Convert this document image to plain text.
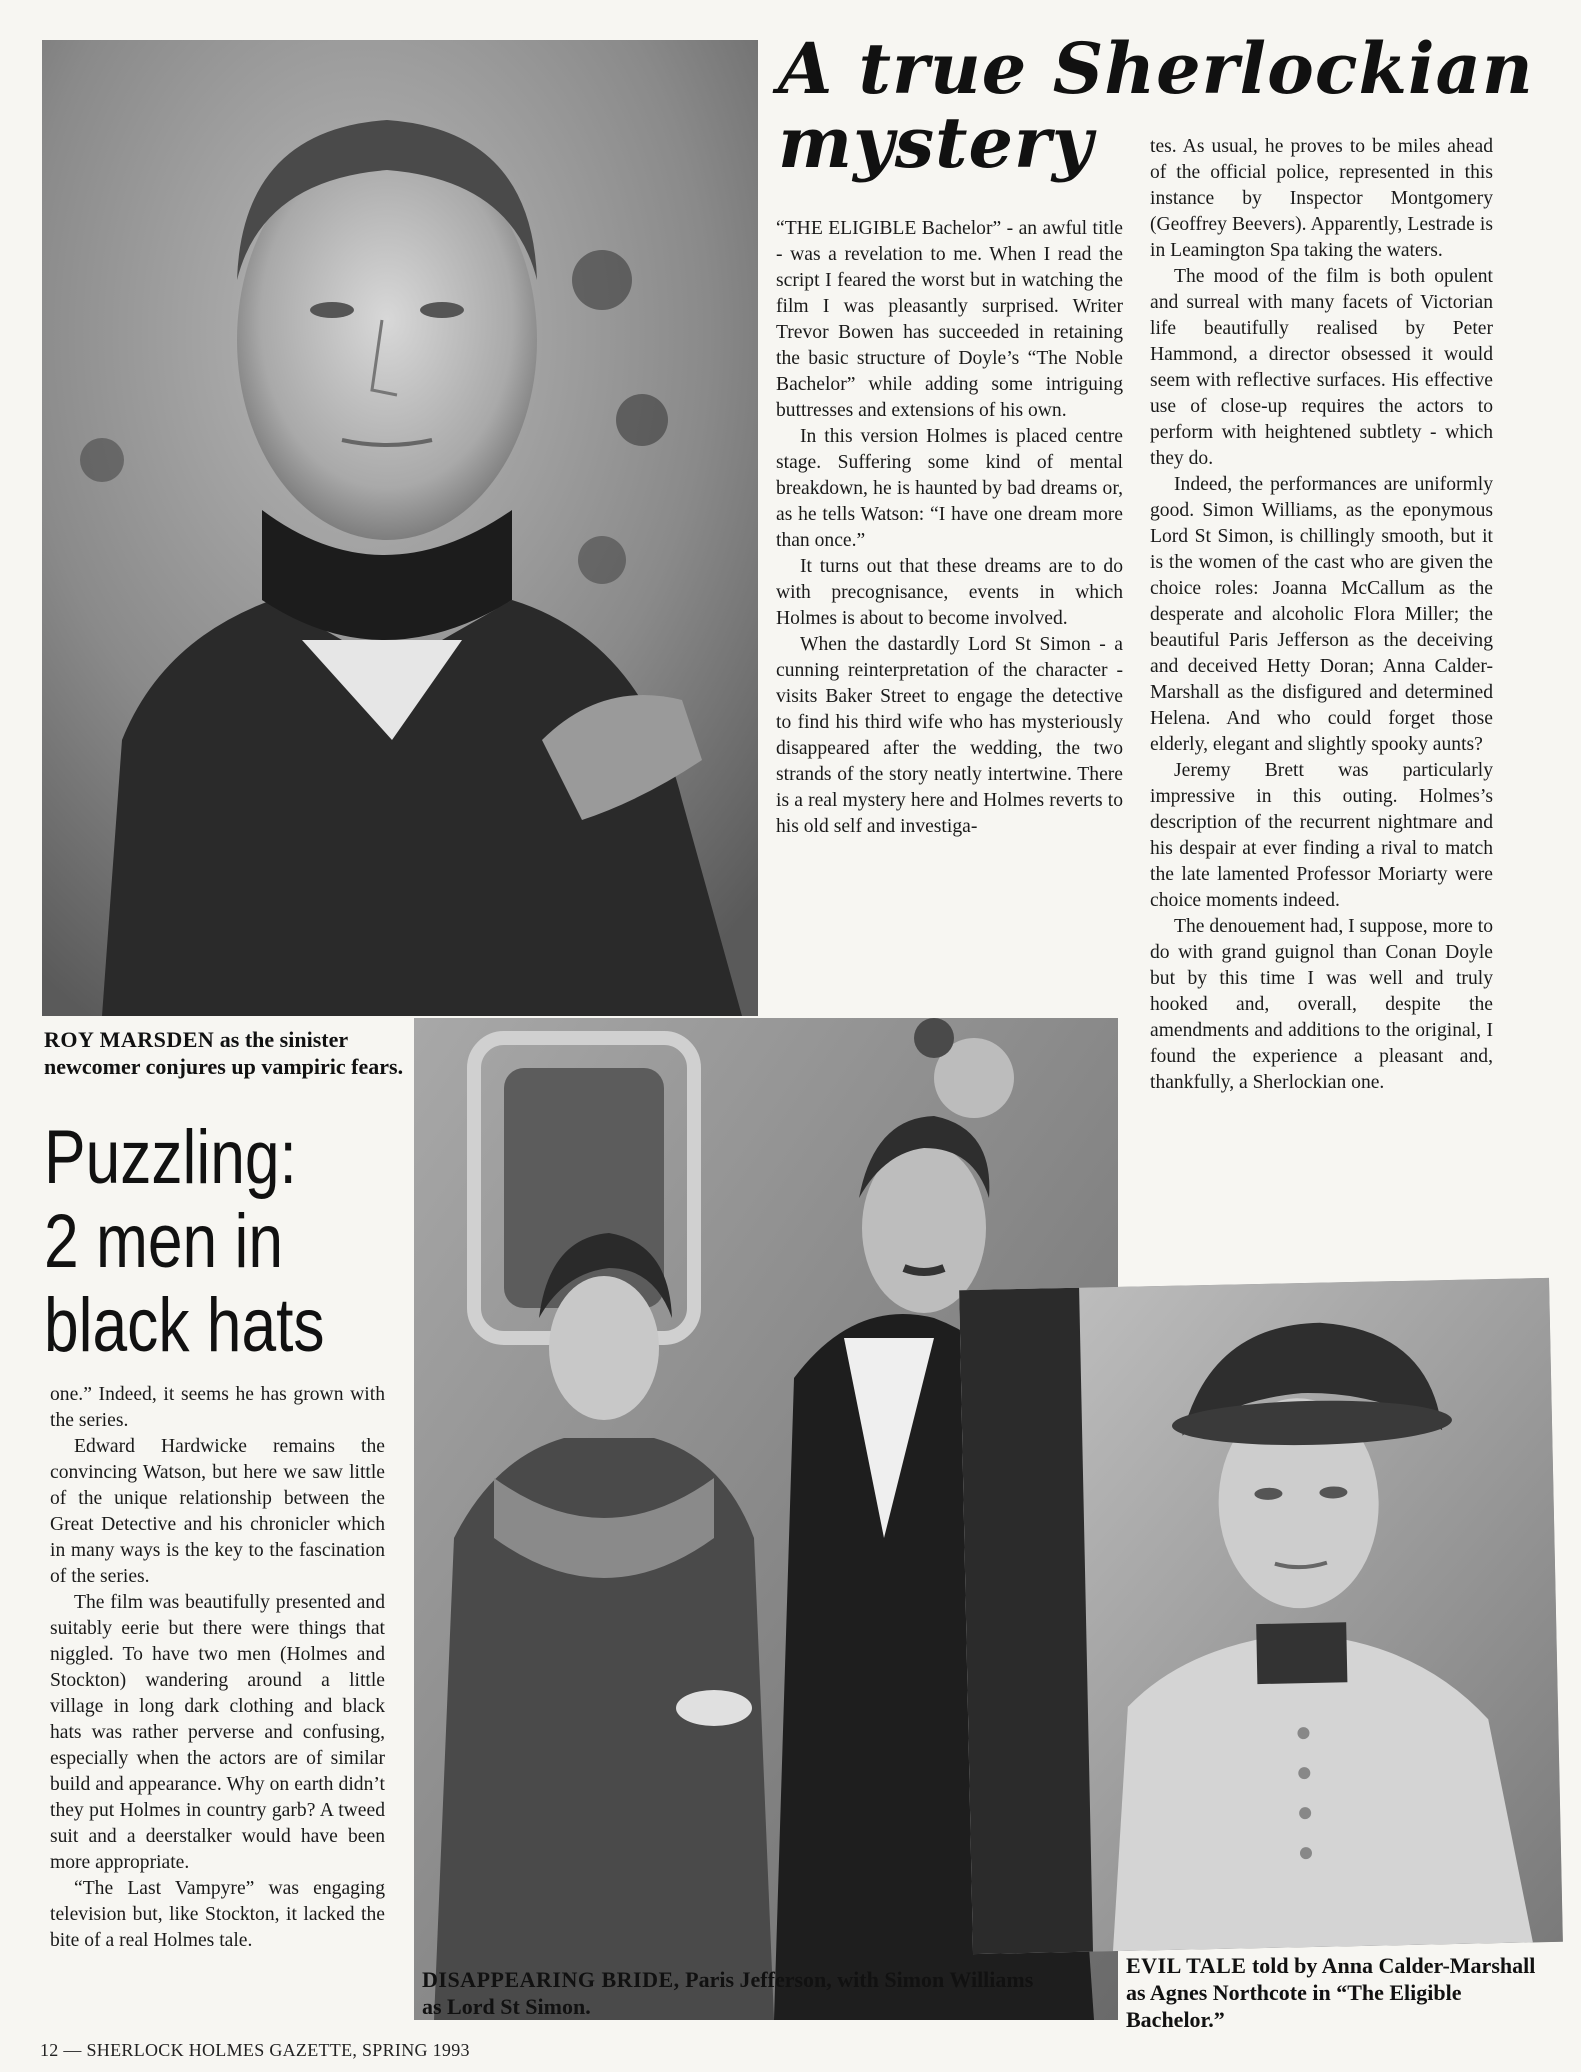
A true Sherlockian
mystery

“THE ELIGIBLE Bachelor” - an awful title - was a revelation to me. When I read the script I feared the worst but in watching the film I was pleasantly surprised. Writer Trevor Bowen has succeeded in retaining the basic structure of Doyle’s “The Noble Bachelor” while adding some intriguing buttresses and extensions of his own.

In this version Holmes is placed centre stage. Suffering some kind of mental breakdown, he is haunted by bad dreams or, as he tells Watson: “I have one dream more than once.”

It turns out that these dreams are to do with precognisance, events in which Holmes is about to become involved.

When the dastardly Lord St Simon - a cunning reinterpretation of the character - visits Baker Street to engage the detective to find his third wife who has mysteriously disappeared after the wedding, the two strands of the story neatly intertwine. There is a real mystery here and Holmes reverts to his old self and investiga-

tes. As usual, he proves to be miles ahead of the official police, represented in this instance by Inspector Montgomery (Geoffrey Beevers). Apparently, Lestrade is in Leamington Spa taking the waters.

The mood of the film is both opulent and surreal with many facets of Victorian life beautifully realised by Peter Hammond, a director obsessed it would seem with reflective surfaces. His effective use of close-up requires the actors to perform with heightened subtlety - which they do.

Indeed, the performances are uniformly good. Simon Williams, as the eponymous Lord St Simon, is chillingly smooth, but it is the women of the cast who are given the choice roles: Joanna McCallum as the desperate and alcoholic Flora Miller; the beautiful Paris Jefferson as the deceiving and deceived Hetty Doran; Anna Calder-Marshall as the disfigured and determined Helena. And who could forget those elderly, elegant and slightly spooky aunts?

Jeremy Brett was particularly impressive in this outing. Holmes’s description of the recurrent nightmare and his despair at ever finding a rival to match the late lamented Professor Moriarty were choice moments indeed.

The denouement had, I suppose, more to do with grand guignol than Conan Doyle but by this time I was well and truly hooked and, overall, despite the amendments and additions to the original, I found the experience a pleasant and, thankfully, a Sherlockian one.

ROY MARSDEN as the sinister newcomer conjures up vampiric fears.
Puzzling:
2 men in
black hats

one.” Indeed, it seems he has grown with the series.

Edward Hardwicke remains the convincing Watson, but here we saw little of the unique relationship between the Great Detective and his chronicler which in many ways is the key to the fascination of the series.

The film was beautifully presented and suitably eerie but there were things that niggled. To have two men (Holmes and Stockton) wandering around a little village in long dark clothing and black hats was rather perverse and confusing, especially when the actors are of similar build and appearance. Why on earth didn’t they put Holmes in country garb? A tweed suit and a deerstalker would have been more appropriate.

“The Last Vampyre” was engaging television but, like Stockton, it lacked the bite of a real Holmes tale.

DISAPPEARING BRIDE, Paris Jefferson, with Simon Williams as Lord St Simon.
EVIL TALE told by Anna Calder-Marshall as Agnes Northcote in “The Eligible Bachelor.”
12 — SHERLOCK HOLMES GAZETTE, SPRING 1993
